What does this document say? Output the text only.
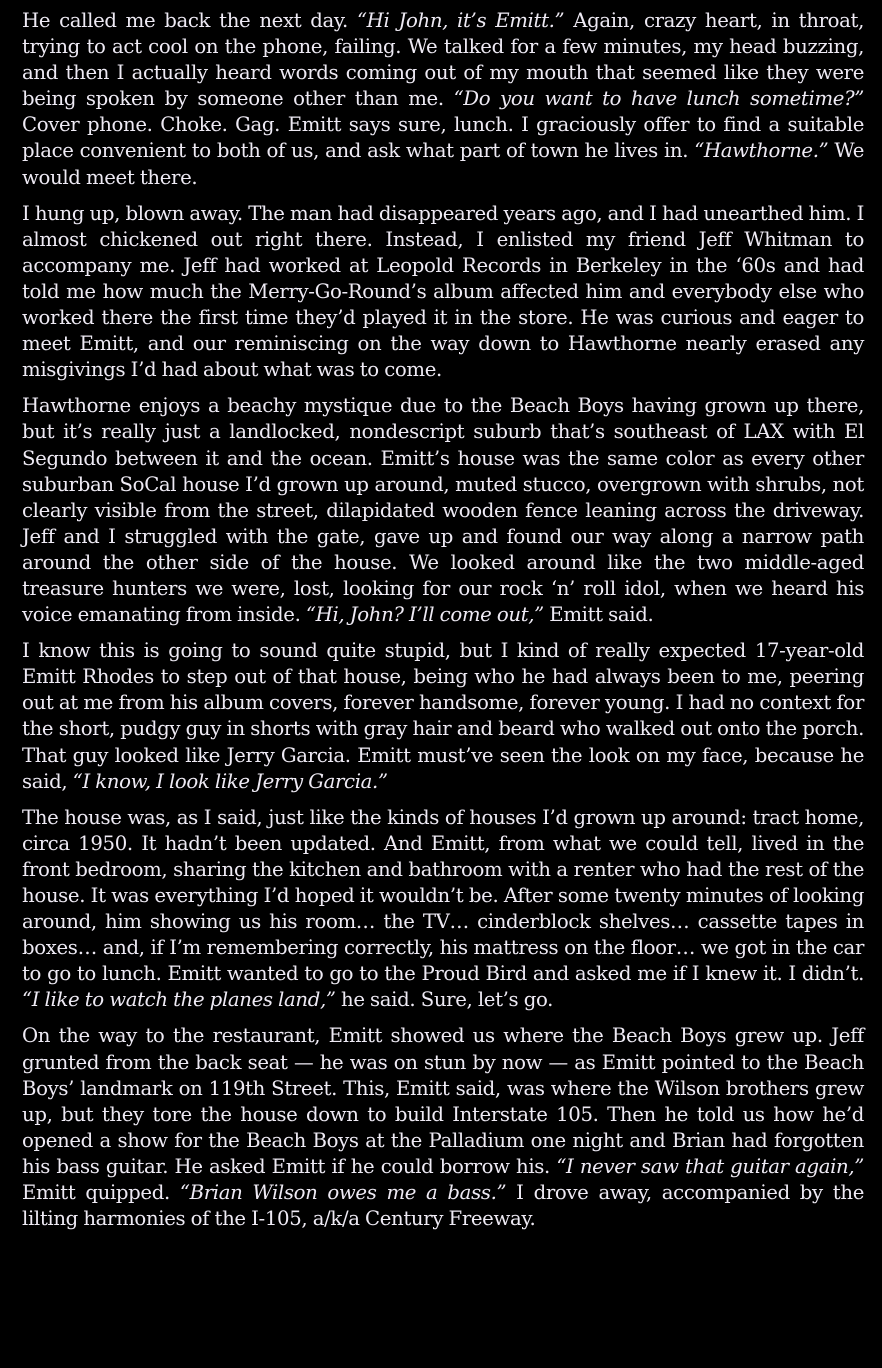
He called me back the next day. “Hi John, it’s Emitt.” Again, crazy heart, in throat, trying to act cool on the phone, failing. We talked for a few minutes, my head buzzing, and then I actually heard words coming out of my mouth that seemed like they were being spoken by someone other than me. “Do you want to have lunch sometime?” Cover phone. Choke. Gag. Emitt says sure, lunch. I graciously offer to find a suitable place convenient to both of us, and ask what part of town he lives in. “Hawthorne.” We would meet there.

I hung up, blown away. The man had disappeared years ago, and I had unearthed him. I almost chickened out right there. Instead, I enlisted my friend Jeff Whitman to accompany me. Jeff had worked at Leopold Records in Berkeley in the ‘60s and had told me how much the Merry-Go-Round’s album affected him and everybody else who worked there the first time they’d played it in the store. He was curious and eager to meet Emitt, and our reminiscing on the way down to Hawthorne nearly erased any misgivings I’d had about what was to come.

Hawthorne enjoys a beachy mystique due to the Beach Boys having grown up there, but it’s really just a landlocked, nondescript suburb that’s southeast of LAX with El Segundo between it and the ocean. Emitt’s house was the same color as every other suburban SoCal house I’d grown up around, muted stucco, overgrown with shrubs, not clearly visible from the street, dilapidated wooden fence leaning across the driveway. Jeff and I struggled with the gate, gave up and found our way along a narrow path around the other side of the house. We looked around like the two middle-aged treasure hunters we were, lost, looking for our rock ‘n’ roll idol, when we heard his voice emanating from inside. “Hi, John? I’ll come out,” Emitt said.

I know this is going to sound quite stupid, but I kind of really expected 17-year-old Emitt Rhodes to step out of that house, being who he had always been to me, peering out at me from his album covers, forever handsome, forever young. I had no context for the short, pudgy guy in shorts with gray hair and beard who walked out onto the porch. That guy looked like Jerry Garcia. Emitt must’ve seen the look on my face, because he said, “I know, I look like Jerry Garcia.”

The house was, as I said, just like the kinds of houses I’d grown up around: tract home, circa 1950. It hadn’t been updated. And Emitt, from what we could tell, lived in the front bedroom, sharing the kitchen and bathroom with a renter who had the rest of the house. It was everything I’d hoped it wouldn’t be. After some twenty minutes of looking around, him showing us his room… the TV… cinderblock shelves… cassette tapes in boxes… and, if I’m remembering correctly, his mattress on the floor… we got in the car to go to lunch. Emitt wanted to go to the Proud Bird and asked me if I knew it. I didn’t. “I like to watch the planes land,” he said. Sure, let’s go.

On the way to the restaurant, Emitt showed us where the Beach Boys grew up. Jeff grunted from the back seat — he was on stun by now — as Emitt pointed to the Beach Boys’ landmark on 119th Street. This, Emitt said, was where the Wilson brothers grew up, but they tore the house down to build Interstate 105. Then he told us how he’d opened a show for the Beach Boys at the Palladium one night and Brian had forgotten his bass guitar. He asked Emitt if he could borrow his. “I never saw that guitar again,” Emitt quipped. “Brian Wilson owes me a bass.” I drove away, accompanied by the lilting harmonies of the I-105, a/k/a Century Freeway.
